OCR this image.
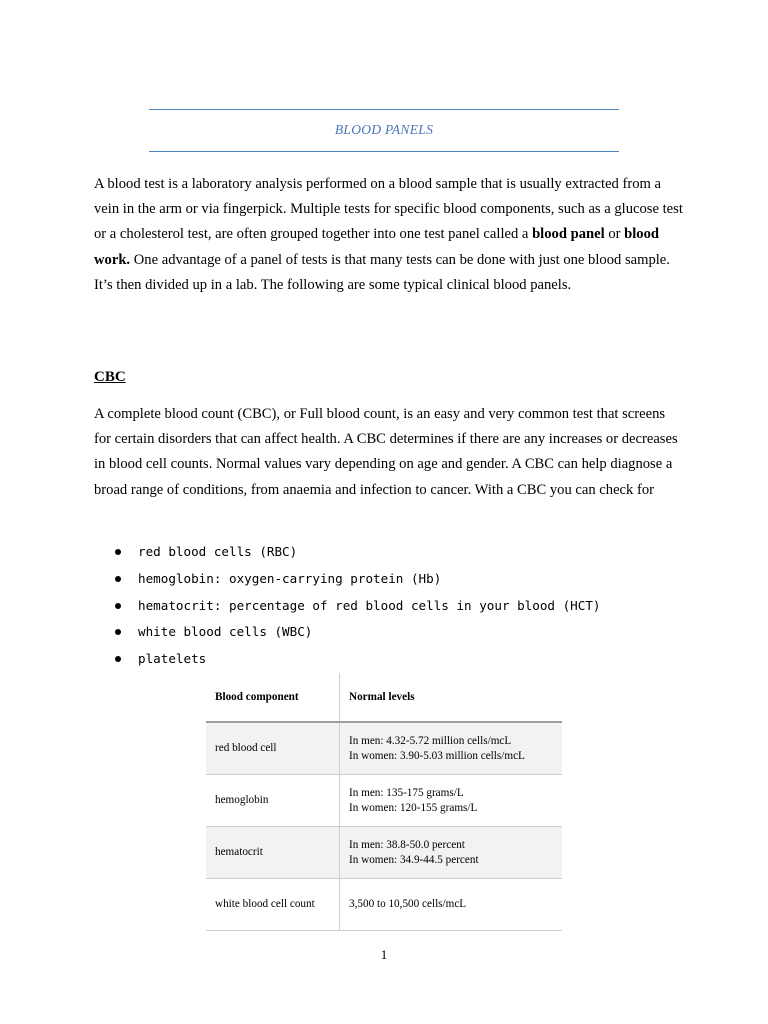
BLOOD PANELS

A blood test is a laboratory analysis performed on a blood sample that is usually extracted from a vein in the arm or via fingerpick. Multiple tests for specific blood components, such as a glucose test or a cholesterol test, are often grouped together into one test panel called a blood panel or blood work. One advantage of a panel of tests is that many tests can be done with just one blood sample. It’s then divided up in a lab. The following are some typical clinical blood panels.

CBC

A complete blood count (CBC), or Full blood count, is an easy and very common test that screens for certain disorders that can affect health. A CBC determines if there are any increases or decreases in blood cell counts. Normal values vary depending on age and gender. A CBC can help diagnose a broad range of conditions, from anaemia and infection to cancer. With a CBC you can check for

red blood cells (RBC)
hemoglobin: oxygen-carrying protein (Hb)
hematocrit: percentage of red blood cells in your blood (HCT)
white blood cells (WBC)
platelets
Blood component	Normal levels
red blood cell	In men: 4.32-5.72 million cells/mcL
In women: 3.90-5.03 million cells/mcL

hemoglobin	In men: 135-175 grams/L
In women: 120-155 grams/L

hematocrit	In men: 38.8-50.0 percent
In women: 34.9-44.5 percent

white blood cell count	3,500 to 10,500 cells/mcL
1
